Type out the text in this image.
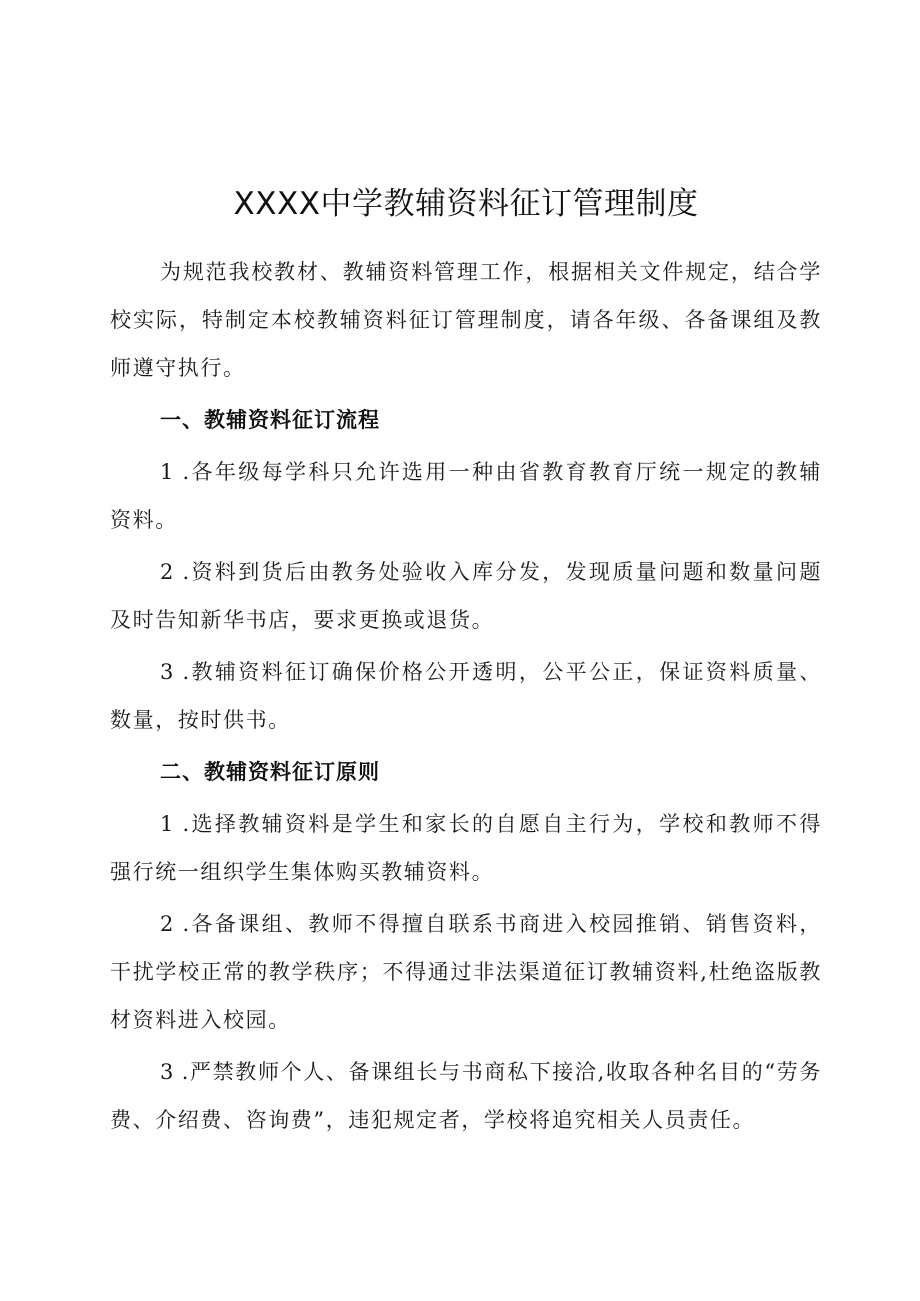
XXXX中学教辅资料征订管理制度

为规范我校教材、教辅资料管理工作，根据相关文件规定，结合学校实际，特制定本校教辅资料征订管理制度，请各年级、各备课组及教师遵守执行。

一、教辅资料征订流程

1 .各年级每学科只允许选用一种由省教育教育厅统一规定的教辅资料。

2 .资料到货后由教务处验收入库分发，发现质量问题和数量问题及时告知新华书店，要求更换或退货。

3 .教辅资料征订确保价格公开透明，公平公正，保证资料质量、数量，按时供书。

二、教辅资料征订原则

1 .选择教辅资料是学生和家长的自愿自主行为，学校和教师不得强行统一组织学生集体购买教辅资料。

2 .各备课组、教师不得擅自联系书商进入校园推销、销售资料，干扰学校正常的教学秩序；不得通过非法渠道征订教辅资料,杜绝盗版教材资料进入校园。

3 .严禁教师个人、备课组长与书商私下接洽,收取各种名目的“劳务费、介绍费、咨询费”，违犯规定者，学校将追究相关人员责任。
